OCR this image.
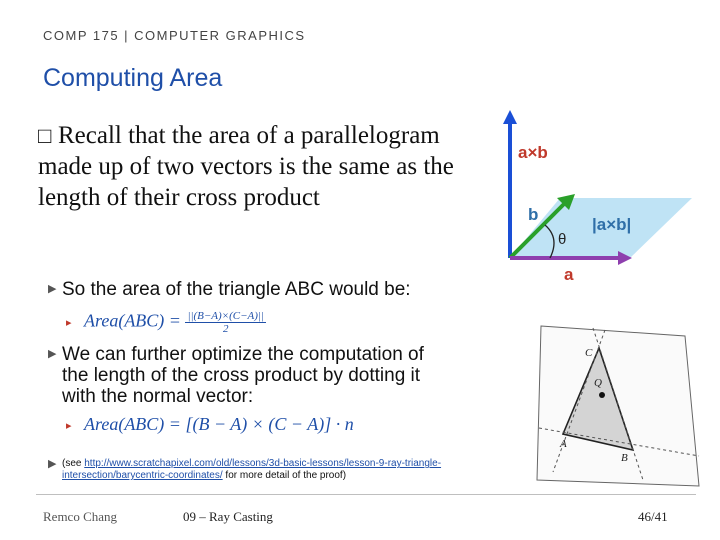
COMP 175 | COMPUTER GRAPHICS
Computing Area
□ Recall that the area of a parallelogram made up of two vectors is the same as the length of their cross product
▶ So the area of the triangle ABC would be:
▸ Area(ABC) = $\frac{||(B-A)\times(C-A)||}{2}$
▶ We can further optimize the computation of the length of the cross product by dotting it with the normal vector:
▸ Area(ABC) = [(B − A) × (C − A)] · n
▶ (see http://www.scratchapixel.com/old/lessons/3d-basic-lessons/lesson-9-ray-triangle-intersection/barycentric-coordinates/ for more detail of the proof)
a×b
b
θ
|a×b|
a
C
Q
A
B
Remco Chang	09 – Ray Casting	46/41
